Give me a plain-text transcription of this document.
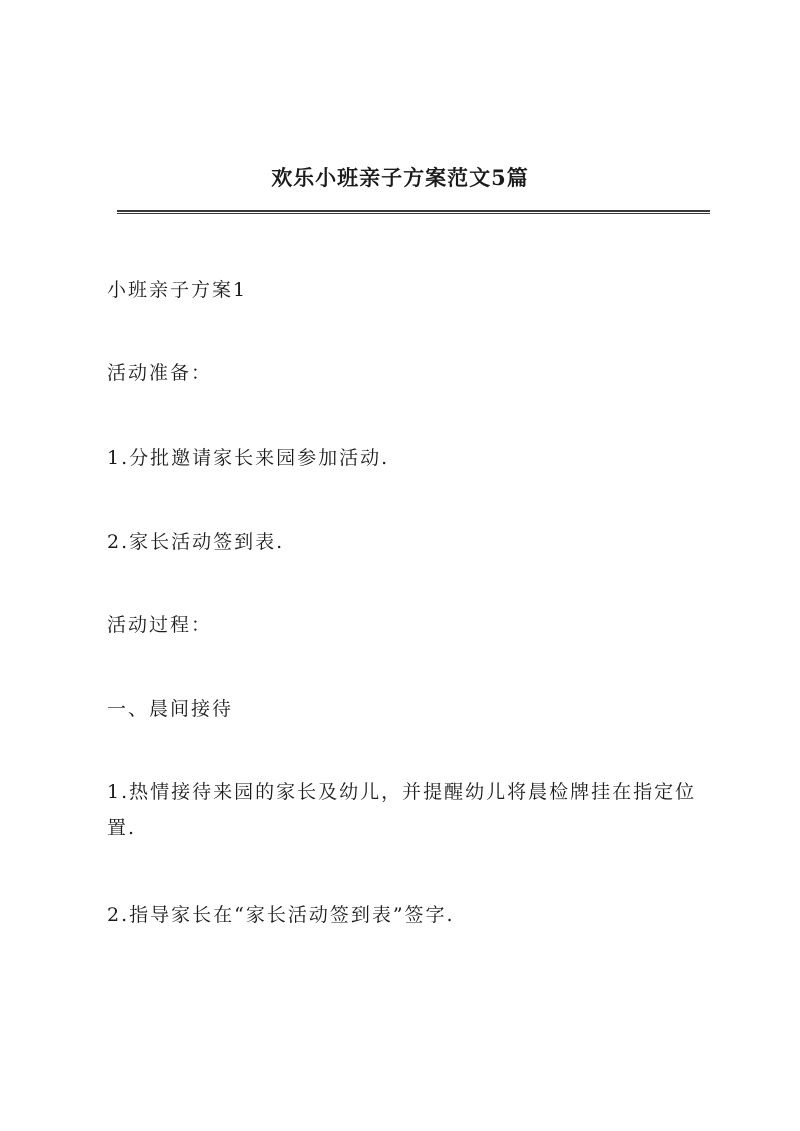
欢乐小班亲子方案范文5篇
小班亲子方案1
活动准备：
1.分批邀请家长来园参加活动.
2.家长活动签到表.
活动过程：
一、晨间接待
1.热情接待来园的家长及幼儿，并提醒幼儿将晨检牌挂在指定位置.
2.指导家长在“家长活动签到表”签字.
